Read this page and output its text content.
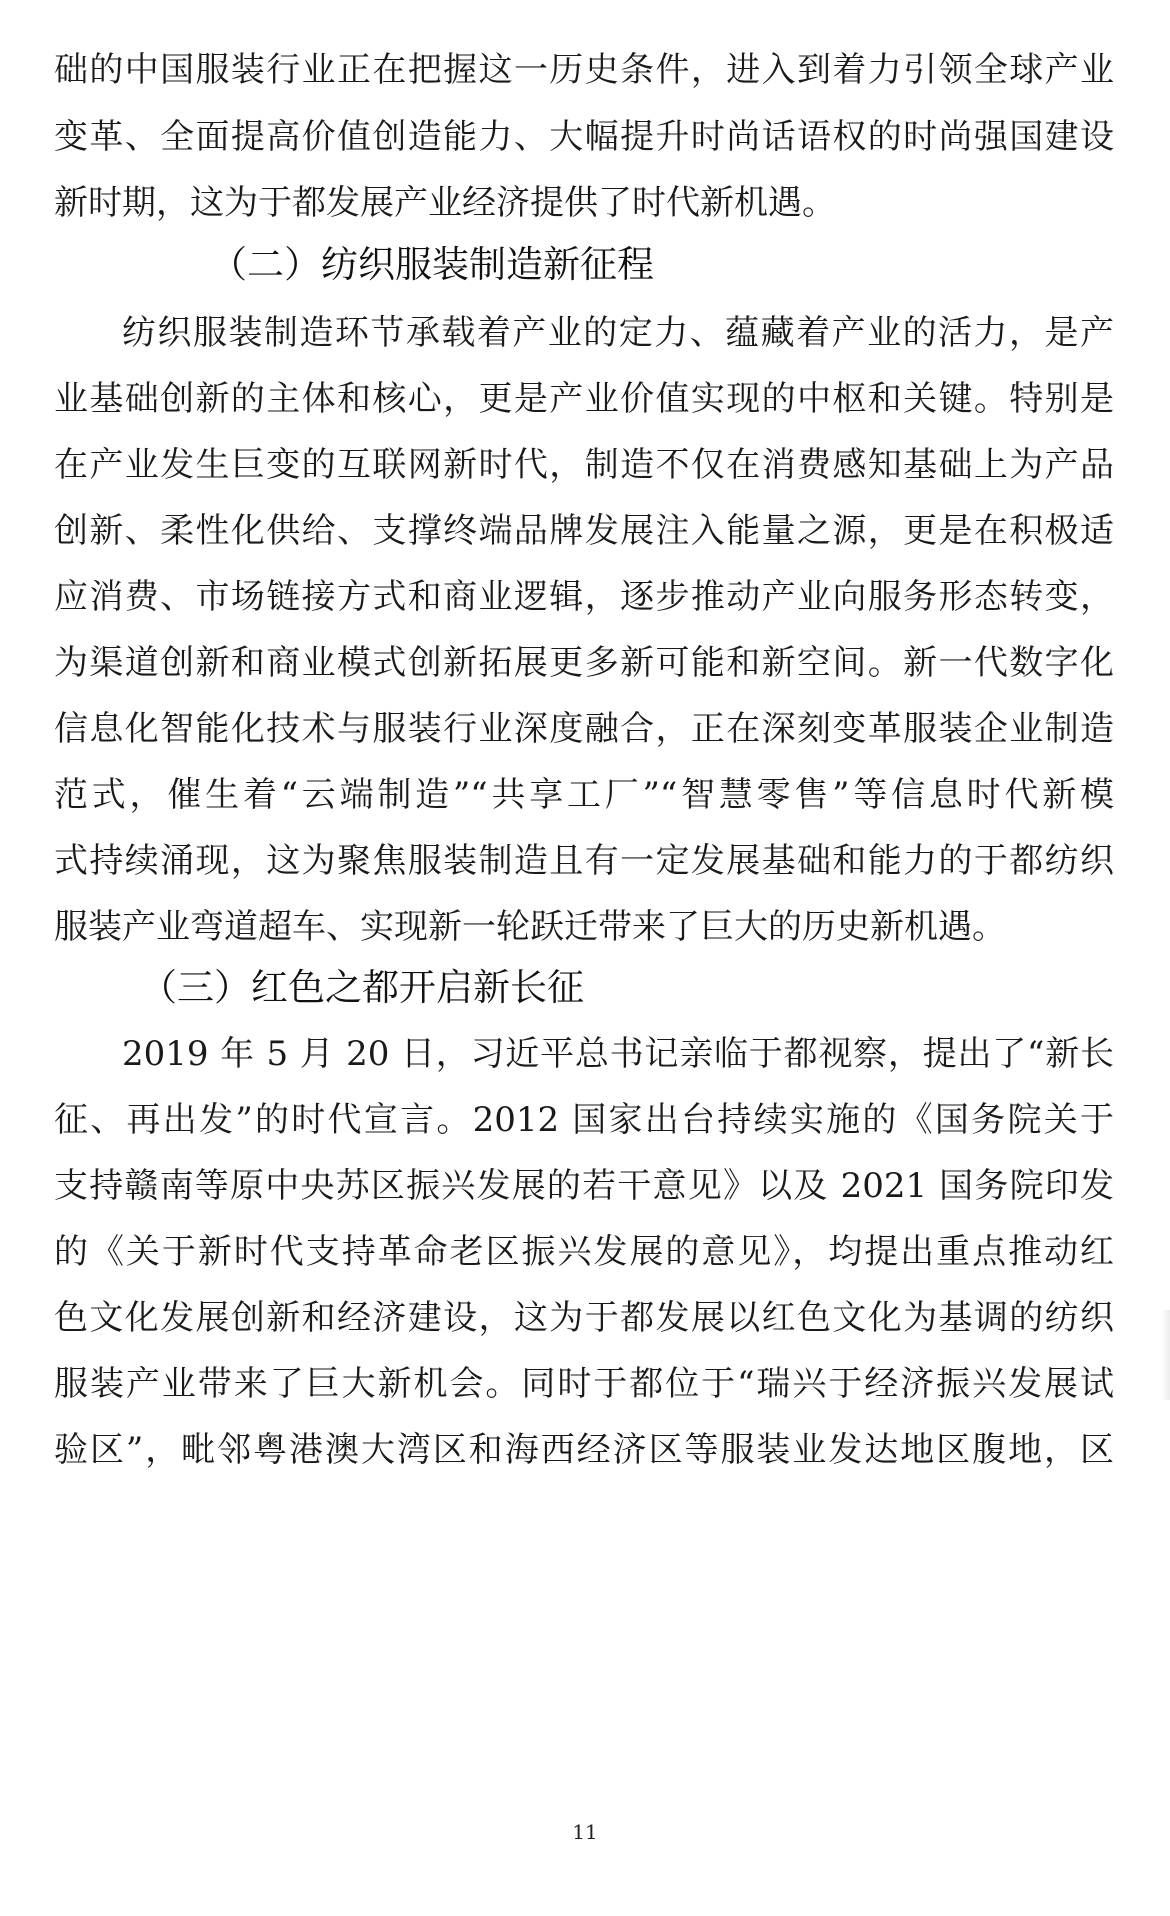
础的中国服装行业正在把握这一历史条件，进入到着力引领全球产业
变革、全面提高价值创造能力、大幅提升时尚话语权的时尚强国建设
新时期，这为于都发展产业经济提供了时代新机遇。
（二）纺织服装制造新征程
纺织服装制造环节承载着产业的定力、蕴藏着产业的活力，是产
业基础创新的主体和核心，更是产业价值实现的中枢和关键。特别是
在产业发生巨变的互联网新时代，制造不仅在消费感知基础上为产品
创新、柔性化供给、支撑终端品牌发展注入能量之源，更是在积极适
应消费、市场链接方式和商业逻辑，逐步推动产业向服务形态转变，
为渠道创新和商业模式创新拓展更多新可能和新空间。新一代数字化
信息化智能化技术与服装行业深度融合，正在深刻变革服装企业制造
范式，催生着“云端制造”“共享工厂”“智慧零售”等信息时代新模
式持续涌现，这为聚焦服装制造且有一定发展基础和能力的于都纺织
服装产业弯道超车、实现新一轮跃迁带来了巨大的历史新机遇。
（三）红色之都开启新长征
2019 年 5 月 20 日，习近平总书记亲临于都视察，提出了“新长
征、再出发”的时代宣言。2012 国家出台持续实施的《国务院关于
支持赣南等原中央苏区振兴发展的若干意见》以及 2021 国务院印发
的《关于新时代支持革命老区振兴发展的意见》，均提出重点推动红
色文化发展创新和经济建设，这为于都发展以红色文化为基调的纺织
服装产业带来了巨大新机会。同时于都位于“瑞兴于经济振兴发展试
验区”，毗邻粤港澳大湾区和海西经济区等服装业发达地区腹地，区
11
